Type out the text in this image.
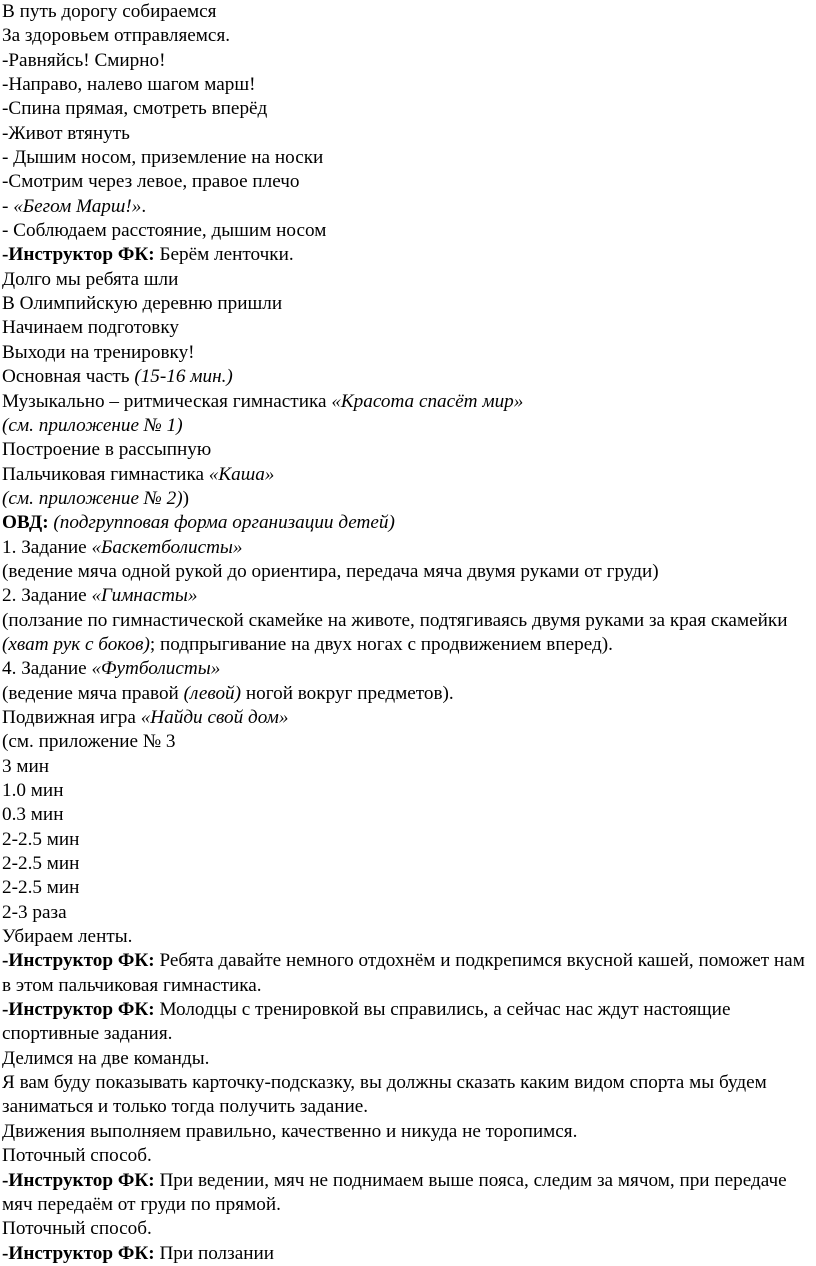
В путь дорогу собираемся
За здоровьем отправляемся.
-Равняйсь! Смирно!
-Направо, налево шагом марш!
-Спина прямая, смотреть вперёд
-Живот втянуть
- Дышим носом, приземление на носки
-Смотрим через левое, правое плечо
- «Бегом Марш!».
- Соблюдаем расстояние, дышим носом
-Инструктор ФК: Берём ленточки.
Долго мы ребята шли
В Олимпийскую деревню пришли
Начинаем подготовку
Выходи на тренировку!
Основная часть (15-16 мин.)
Музыкально – ритмическая гимнастика «Красота спасёт мир»
(см. приложение № 1)
Построение в рассыпную
Пальчиковая гимнастика «Каша»
(см. приложение № 2))
ОВД: (подгрупповая форма организации детей)
1. Задание «Баскетболисты»
(ведение мяча одной рукой до ориентира, передача мяча двумя руками от груди)
2. Задание «Гимнасты»
(ползание по гимнастической скамейке на животе, подтягиваясь двумя руками за края скамейки (хват рук с боков); подпрыгивание на двух ногах с продвижением вперед).
4. Задание «Футболисты»
(ведение мяча правой (левой) ногой вокруг предметов).
Подвижная игра «Найди свой дом»
(см. приложение № 3
3 мин
1.0 мин
0.3 мин
2-2.5 мин
2-2.5 мин
2-2.5 мин
2-3 раза
Убираем ленты.
-Инструктор ФК: Ребята давайте немного отдохнём и подкрепимся вкусной кашей, поможет нам в этом пальчиковая гимнастика.
-Инструктор ФК: Молодцы с тренировкой вы справились, а сейчас нас ждут настоящие спортивные задания.
Делимся на две команды.
Я вам буду показывать карточку-подсказку, вы должны сказать каким видом спорта мы будем заниматься и только тогда получить задание.
Движения выполняем правильно, качественно и никуда не торопимся.
Поточный способ.
-Инструктор ФК: При ведении, мяч не поднимаем выше пояса, следим за мячом, при передаче мяч передаём от груди по прямой.
Поточный способ.
-Инструктор ФК: При ползании
